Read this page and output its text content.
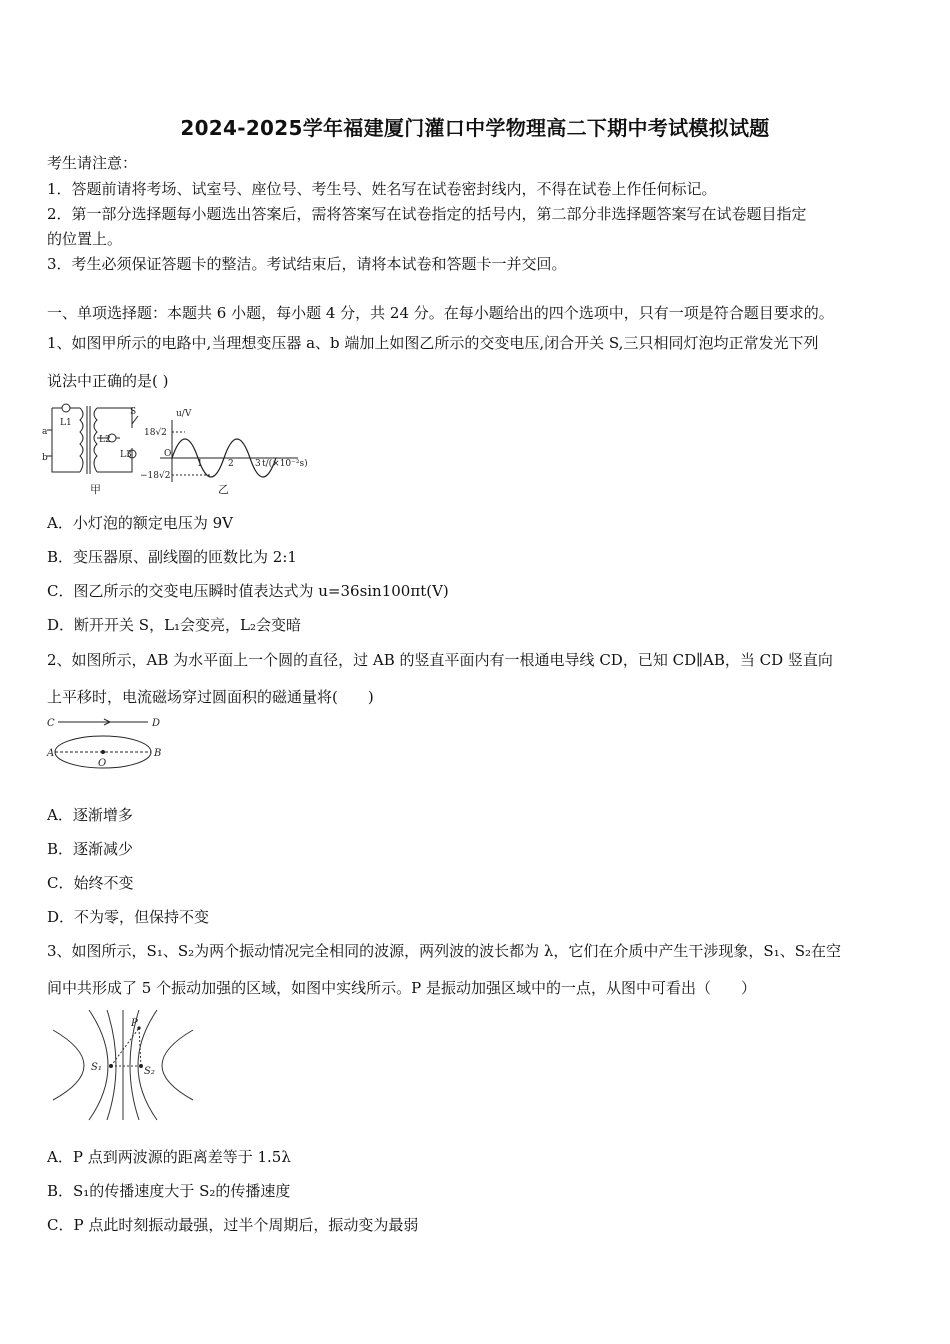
2024-2025学年福建厦门灌口中学物理高二下期中考试模拟试题
考生请注意：
1．答题前请将考场、试室号、座位号、考生号、姓名写在试卷密封线内，不得在试卷上作任何标记。
2．第一部分选择题每小题选出答案后，需将答案写在试卷指定的括号内，第二部分非选择题答案写在试卷题目指定
的位置上。
3．考生必须保证答题卡的整洁。考试结束后，请将本试卷和答题卡一并交回。
一、单项选择题：本题共 6 小题，每小题 4 分，共 24 分。在每小题给出的四个选项中，只有一项是符合题目要求的。
1、如图甲所示的电路中,当理想变压器 a、b 端加上如图乙所示的交变电压,闭合开关 S,三只相同灯泡均正常发光下列
说法中正确的是( )
a
b
L1
L2
L3
S	u/V
18√2
−18√2
O
1	2 3 t/(×10⁻²s)
甲	乙
A．小灯泡的额定电压为 9V
B．变压器原、副线圈的匝数比为 2:1
C．图乙所示的交变电压瞬时值表达式为 u=36sin100πt(V)
D．断开开关 S，L₁会变亮，L₂会变暗
2、如图所示，AB 为水平面上一个圆的直径，过 AB 的竖直平面内有一根通电导线 CD，已知 CD∥AB，当 CD 竖直向
上平移时，电流磁场穿过圆面积的磁通量将(　　)
C	D
A	B
O
A．逐渐增多
B．逐渐减少
C．始终不变
D．不为零，但保持不变
3、如图所示，S₁、S₂为两个振动情况完全相同的波源，两列波的波长都为 λ，它们在介质中产生干涉现象，S₁、S₂在空
间中共形成了 5 个振动加强的区域，如图中实线所示。P 是振动加强区域中的一点，从图中可看出（　　）
P
S₁	S₂
A．P 点到两波源的距离差等于 1.5λ
B．S₁的传播速度大于 S₂的传播速度
C．P 点此时刻振动最强，过半个周期后，振动变为最弱
